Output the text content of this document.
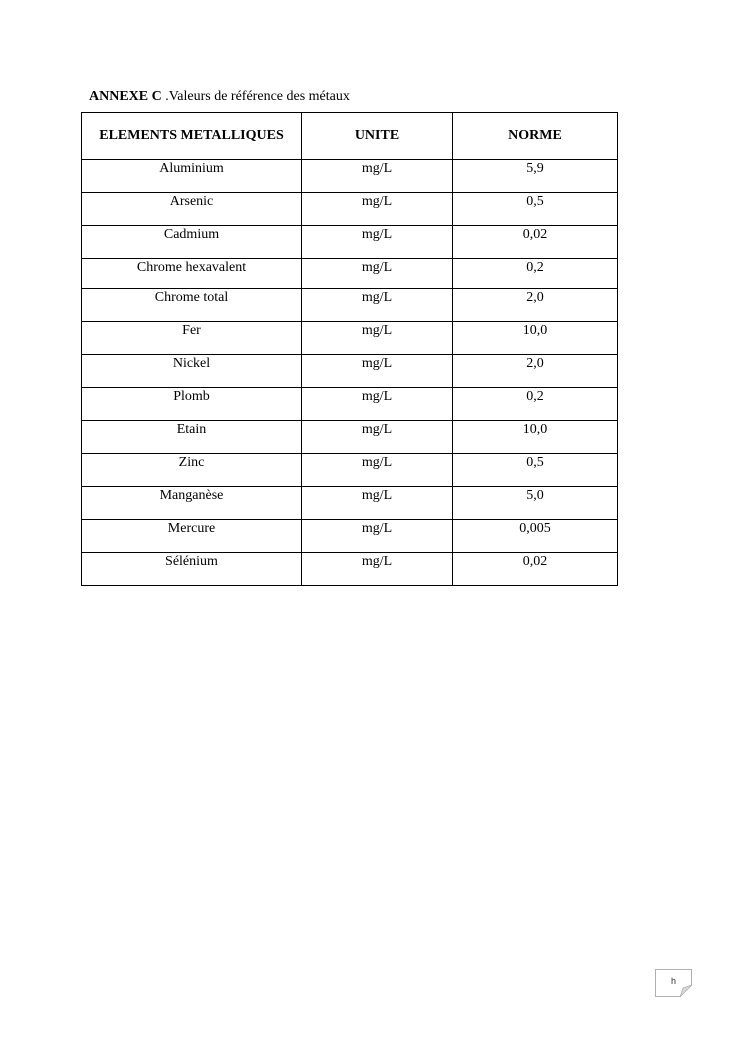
ANNEXE C .Valeurs de référence des métaux
ELEMENTS METALLIQUES	UNITE	NORME
Aluminium	mg/L	5,9
Arsenic	mg/L	0,5
Cadmium	mg/L	0,02
Chrome hexavalent	mg/L	0,2
Chrome total	mg/L	2,0
Fer	mg/L	10,0
Nickel	mg/L	2,0
Plomb	mg/L	0,2
Etain	mg/L	10,0
Zinc	mg/L	0,5
Manganèse	mg/L	5,0
Mercure	mg/L	0,005
Sélénium	mg/L	0,02
h
